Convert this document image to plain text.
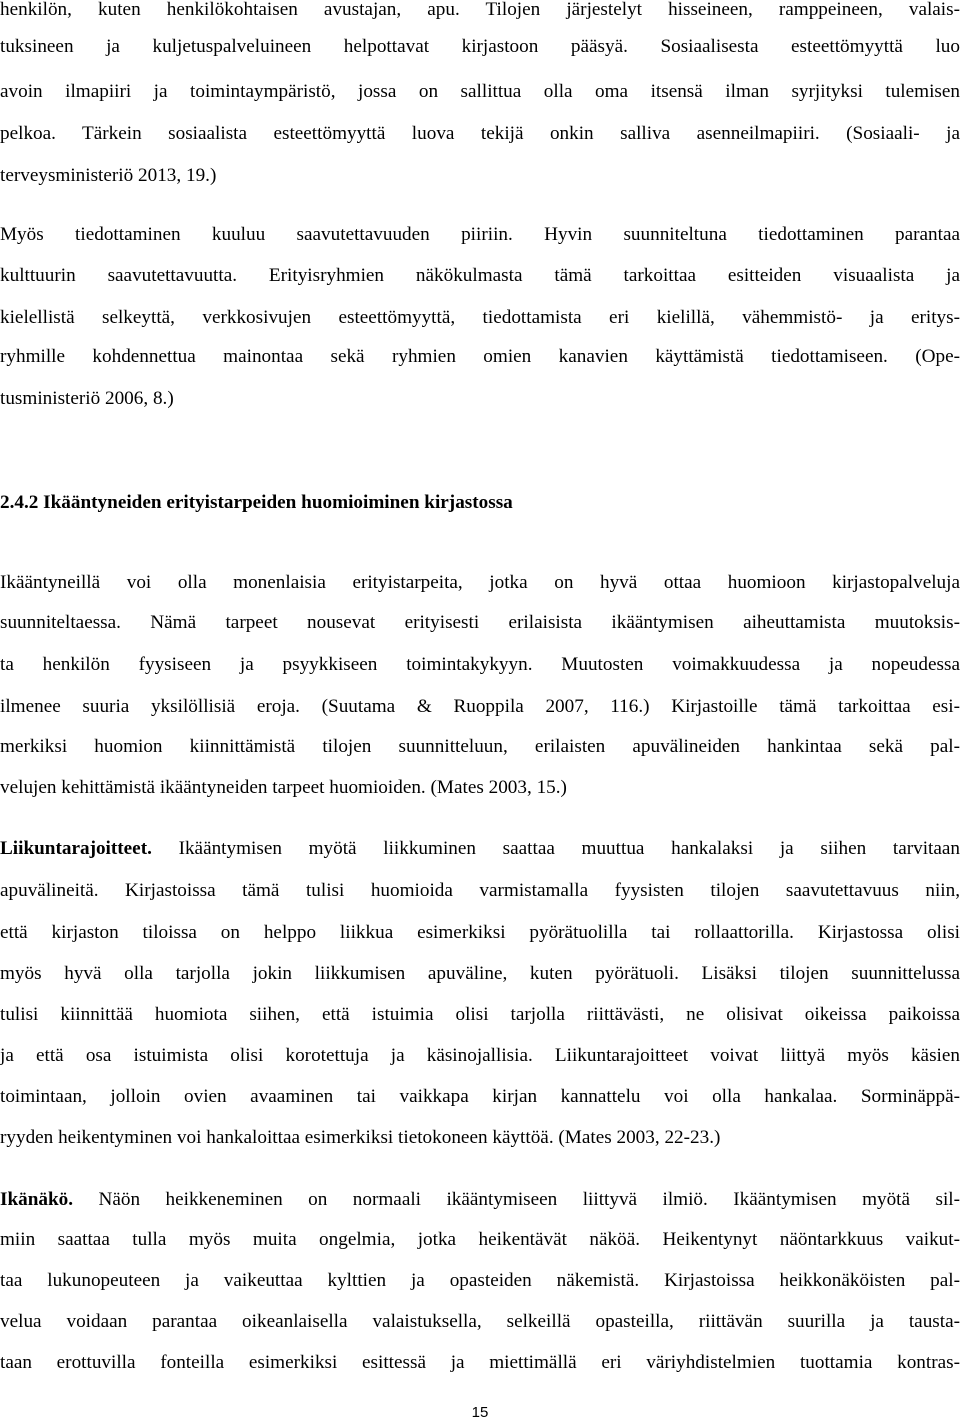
henkilön, kuten henkilökohtaisen avustajan, apu. Tilojen järjestelyt hisseineen, ramppeineen, valais-

tuksineen ja kuljetuspalveluineen helpottavat kirjastoon pääsyä. Sosiaalisesta esteettömyyttä luo

avoin ilmapiiri ja toimintaympäristö, jossa on sallittua olla oma itsensä ilman syrjityksi tulemisen

pelkoa. Tärkein sosiaalista esteettömyyttä luova tekijä onkin salliva asenneilmapiiri. (Sosiaali- ja

terveysministeriö 2013, 19.)

Myös tiedottaminen kuuluu saavutettavuuden piiriin. Hyvin suunniteltuna tiedottaminen parantaa

kulttuurin saavutettavuutta. Erityisryhmien näkökulmasta tämä tarkoittaa esitteiden visuaalista ja

kielellistä selkeyttä, verkkosivujen esteettömyyttä, tiedottamista eri kielillä, vähemmistö- ja eritys-

ryhmille kohdennettua mainontaa sekä ryhmien omien kanavien käyttämistä tiedottamiseen. (Ope-

tusministeriö 2006, 8.)

2.4.2 Ikääntyneiden erityistarpeiden huomioiminen kirjastossa

Ikääntyneillä voi olla monenlaisia erityistarpeita, jotka on hyvä ottaa huomioon kirjastopalveluja

suunniteltaessa. Nämä tarpeet nousevat erityisesti erilaisista ikääntymisen aiheuttamista muutoksis-

ta henkilön fyysiseen ja psyykkiseen toimintakykyyn. Muutosten voimakkuudessa ja nopeudessa

ilmenee suuria yksilöllisiä eroja. (Suutama & Ruoppila 2007, 116.) Kirjastoille tämä tarkoittaa esi-

merkiksi huomion kiinnittämistä tilojen suunnitteluun, erilaisten apuvälineiden hankintaa sekä pal-

velujen kehittämistä ikääntyneiden tarpeet huomioiden. (Mates 2003, 15.)

Liikuntarajoitteet. Ikääntymisen myötä liikkuminen saattaa muuttua hankalaksi ja siihen tarvitaan

apuvälineitä. Kirjastoissa tämä tulisi huomioida varmistamalla fyysisten tilojen saavutettavuus niin,

että kirjaston tiloissa on helppo liikkua esimerkiksi pyörätuolilla tai rollaattorilla. Kirjastossa olisi

myös hyvä olla tarjolla jokin liikkumisen apuväline, kuten pyörätuoli. Lisäksi tilojen suunnittelussa

tulisi kiinnittää huomiota siihen, että istuimia olisi tarjolla riittävästi, ne olisivat oikeissa paikoissa

ja että osa istuimista olisi korotettuja ja käsinojallisia. Liikuntarajoitteet voivat liittyä myös käsien

toimintaan, jolloin ovien avaaminen tai vaikkapa kirjan kannattelu voi olla hankalaa. Sorminäppä-

ryyden heikentyminen voi hankaloittaa esimerkiksi tietokoneen käyttöä. (Mates 2003, 22-23.)

Ikänäkö. Näön heikkeneminen on normaali ikääntymiseen liittyvä ilmiö. Ikääntymisen myötä sil-

miin saattaa tulla myös muita ongelmia, jotka heikentävät näköä. Heikentynyt näöntarkkuus vaikut-

taa lukunopeuteen ja vaikeuttaa kylttien ja opasteiden näkemistä. Kirjastoissa heikkonäköisten pal-

velua voidaan parantaa oikeanlaisella valaistuksella, selkeillä opasteilla, riittävän suurilla ja tausta-

taan erottuvilla fonteilla esimerkiksi esittessä ja miettimällä eri väriyhdistelmien tuottamia kontras-

15
